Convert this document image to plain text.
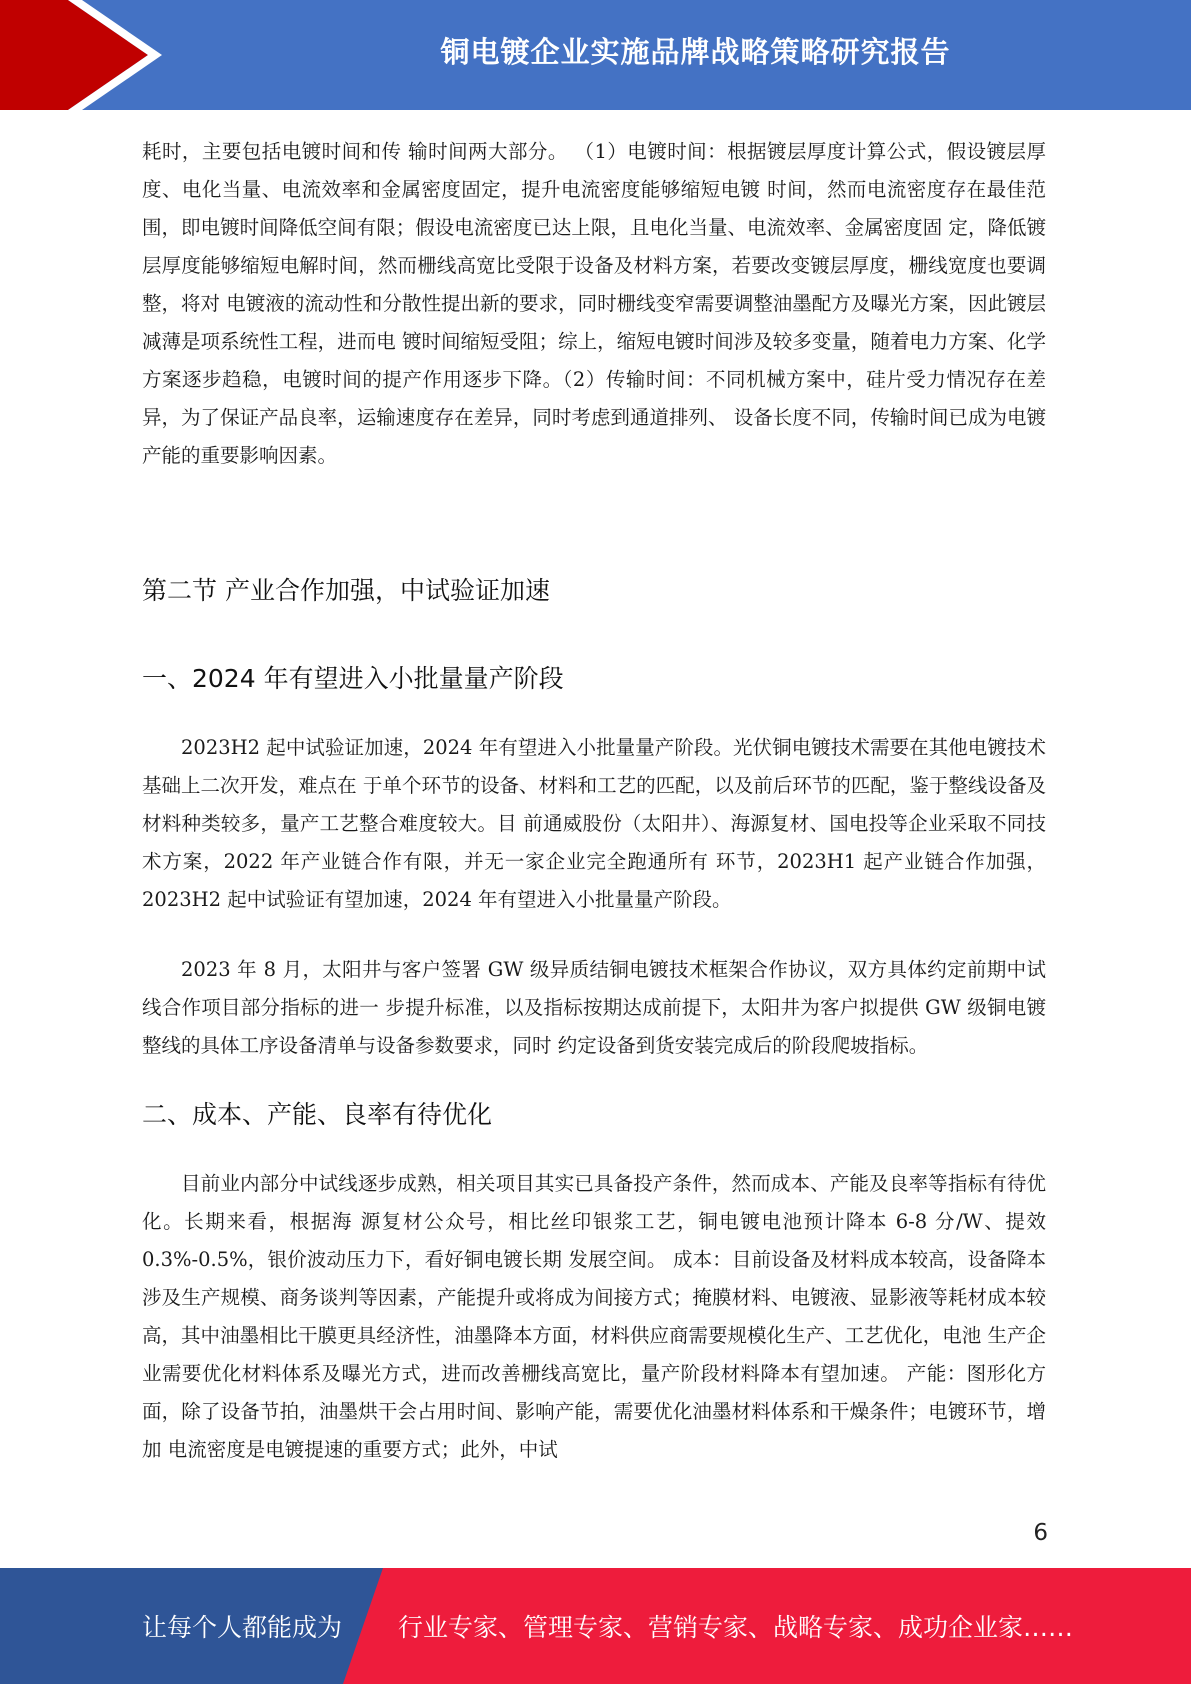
铜电镀企业实施品牌战略策略研究报告

耗时，主要包括电镀时间和传 输时间两大部分。 （1）电镀时间：根据镀层厚度计算公式，假设镀层厚度、电化当量、电流效率和金属密度固定，提升电流密度能够缩短电镀 时间，然而电流密度存在最佳范围，即电镀时间降低空间有限；假设电流密度已达上限，且电化当量、电流效率、金属密度固 定，降低镀层厚度能够缩短电解时间，然而栅线高宽比受限于设备及材料方案，若要改变镀层厚度，栅线宽度也要调整，将对 电镀液的流动性和分散性提出新的要求，同时栅线变窄需要调整油墨配方及曝光方案，因此镀层减薄是项系统性工程，进而电 镀时间缩短受阻；综上，缩短电镀时间涉及较多变量，随着电力方案、化学方案逐步趋稳，电镀时间的提产作用逐步下降。（2）传输时间：不同机械方案中，硅片受力情况存在差异，为了保证产品良率，运输速度存在差异，同时考虑到通道排列、 设备长度不同，传输时间已成为电镀产能的重要影响因素。

第二节 产业合作加强，中试验证加速
一、2024 年有望进入小批量量产阶段

2023H2 起中试验证加速，2024 年有望进入小批量量产阶段。光伏铜电镀技术需要在其他电镀技术基础上二次开发，难点在 于单个环节的设备、材料和工艺的匹配，以及前后环节的匹配，鉴于整线设备及材料种类较多，量产工艺整合难度较大。目 前通威股份（太阳井）、海源复材、国电投等企业采取不同技术方案，2022 年产业链合作有限，并无一家企业完全跑通所有 环节，2023H1 起产业链合作加强，2023H2 起中试验证有望加速，2024 年有望进入小批量量产阶段。

2023 年 8 月，太阳井与客户签署 GW 级异质结铜电镀技术框架合作协议，双方具体约定前期中试线合作项目部分指标的进一 步提升标准，以及指标按期达成前提下，太阳井为客户拟提供 GW 级铜电镀整线的具体工序设备清单与设备参数要求，同时 约定设备到货安装完成后的阶段爬坡指标。

二、成本、产能、良率有待优化

目前业内部分中试线逐步成熟，相关项目其实已具备投产条件，然而成本、产能及良率等指标有待优化。长期来看，根据海 源复材公众号，相比丝印银浆工艺，铜电镀电池预计降本 6-8 分/W、提效 0.3%-0.5%，银价波动压力下，看好铜电镀长期 发展空间。 成本：目前设备及材料成本较高，设备降本涉及生产规模、商务谈判等因素，产能提升或将成为间接方式；掩膜材料、电镀液、显影液等耗材成本较高，其中油墨相比干膜更具经济性，油墨降本方面，材料供应商需要规模化生产、工艺优化，电池 生产企业需要优化材料体系及曝光方式，进而改善栅线高宽比，量产阶段材料降本有望加速。 产能：图形化方面，除了设备节拍，油墨烘干会占用时间、影响产能，需要优化油墨材料体系和干燥条件；电镀环节，增加 电流密度是电镀提速的重要方式；此外，中试

6
让每个人都能成为 行业专家、管理专家、营销专家、战略专家、成功企业家……
